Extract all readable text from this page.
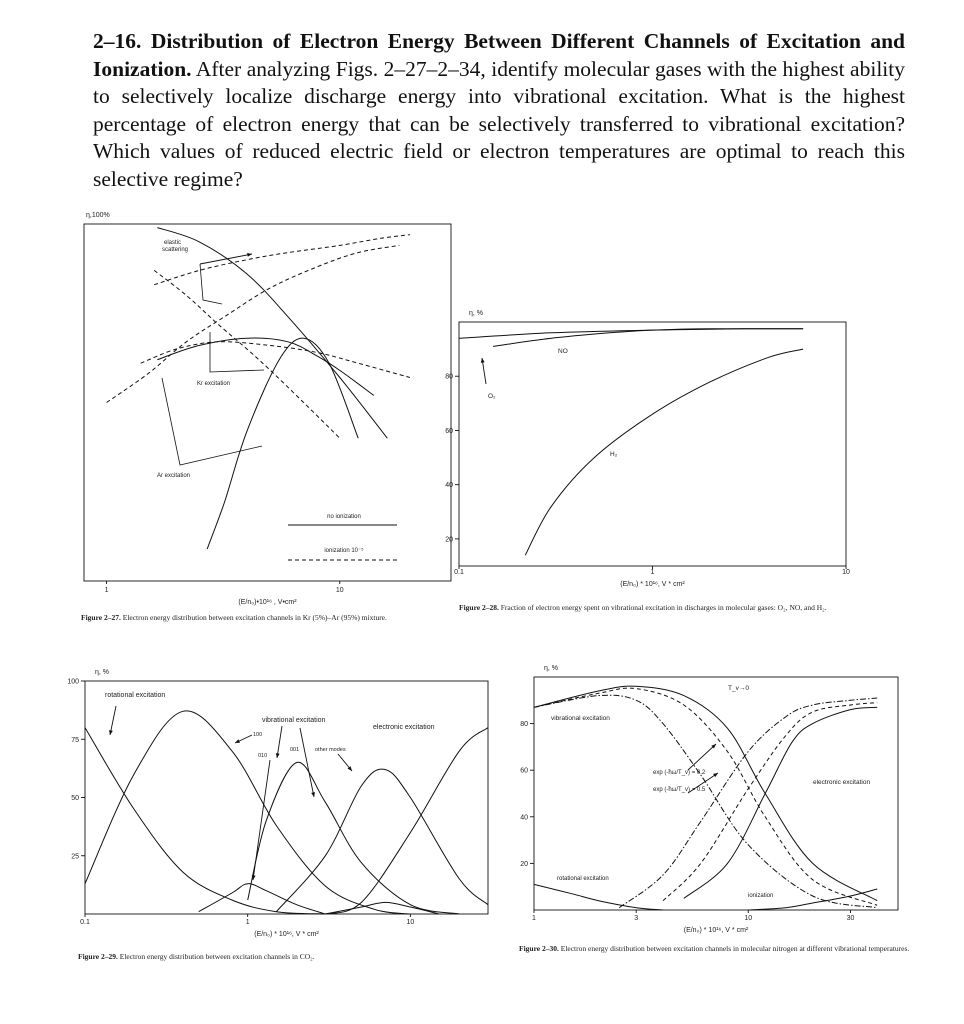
2–16. Distribution of Electron Energy Between Different Channels of Excitation and Ionization. After analyzing Figs. 2–27–2–34, identify molecular gases with the highest ability to selectively localize discharge energy into vibrational excitation. What is the highest percentage of electron energy that can be selectively transferred to vibrational excitation? Which values of reduced electric field or electron temperatures are optimal to reach this selective regime?
η,100%
1	10
(E/n₀)•10¹⁶ , V•cm²
η, %
20
40
60
80
0.1	1	10
(E/n₀) * 10¹⁶, V * cm²
η, %
25
50
75
100
0.1	1	10
(E/n₀) * 10¹⁶, V * cm²
η, %
20
40
60
80
1	3	10	30
(E/n₀) * 10¹⁶, V * cm²
elastic
scattering
Kr excitation
Ar excitation
no ionization
ionization 10⁻⁵
NO
O₂
H₂
rotational excitation
vibrational excitation
electronic excitation
100
010
001	other modes
vibrational excitation
electronic excitation
rotational excitation
ionization
T_v→0
exp (-ħω/T_v) = 0.2
exp (-ħω/T_v) = 0.5
Figure 2–27. Electron energy distribution between excitation channels in Kr (5%)–Ar (95%) mixture.
Figure 2–28. Fraction of electron energy spent on vibrational excitation in discharges in molecular gases: O₂, NO, and H₂.
Figure 2–29. Electron energy distribution between excitation channels in CO₂.
Figure 2–30. Electron energy distribution between excitation channels in molecular nitrogen at different vibrational temperatures.
